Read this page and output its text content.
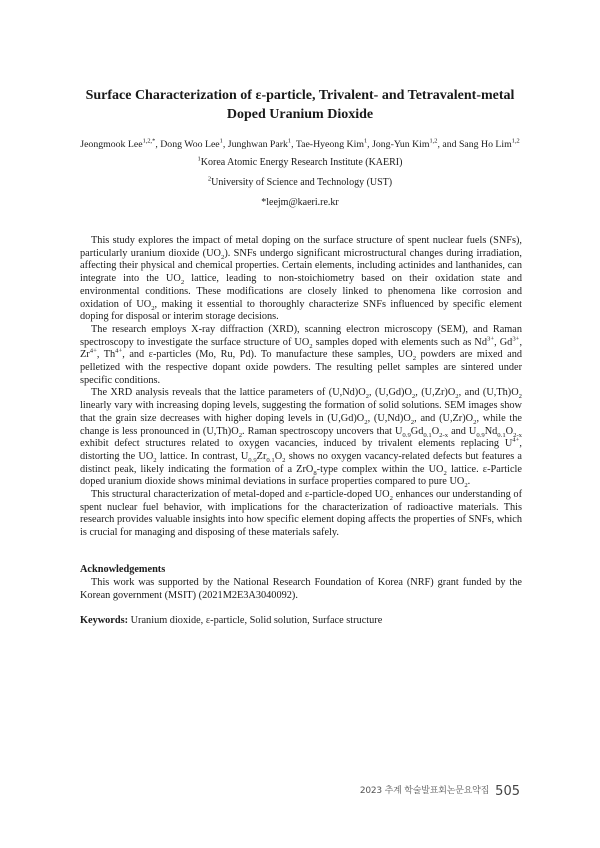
Surface Characterization of ε-particle, Trivalent- and Tetravalent-metal
Doped Uranium Dioxide
Jeongmook Lee$^{1,2,*}$, Dong Woo Lee$^1$, Junghwan Park$^1$, Tae-Hyeong Kim$^1$, Jong-Yun Kim$^{1,2}$, and Sang Ho Lim$^{1,2}$
$^1$Korea Atomic Energy Research Institute (KAERI)
$^2$University of Science and Technology (UST)
*leejm@kaeri.re.kr

This study explores the impact of metal doping on the surface structure of spent nuclear fuels (SNFs), particularly uranium dioxide $(UO_2)$. SNFs undergo significant microstructural changes during irradiation, affecting their physical and chemical properties. Certain elements, including actinides and lanthanides, can integrate into the $UO_2$ lattice, leading to non-stoichiometry based on their oxidation state and environmental conditions. These modifications are closely linked to phenomena like corrosion and oxidation of $UO_2$, making it essential to thoroughly characterize SNFs influenced by specific element doping for disposal or interim storage decisions.

The research employs X-ray diffraction (XRD), scanning electron microscopy (SEM), and Raman spectroscopy to investigate the surface structure of $UO_2$ samples doped with elements such as $Nd^{3+}$, $Gd^{3+}$, $Zr^{4+}$, $Th^{4+}$, and ε-particles (Mo, Ru, Pd). To manufacture these samples, $UO_2$ powders are mixed and pelletized with the respective dopant oxide powders. The resulting pellet samples are sintered under specific conditions.

The XRD analysis reveals that the lattice parameters of $(U,Nd)O_2$, $(U,Gd)O_2$, $(U,Zr)O_2$, and $(U,Th)O_2$ linearly vary with increasing doping levels, suggesting the formation of solid solutions. SEM images show that the grain size decreases with higher doping levels in $(U,Gd)O_2$, $(U,Nd)O_2$, and $(U,Zr)O_2$, while the change is less pronounced in $(U,Th)O_2$. Raman spectroscopy uncovers that $U_{0.9}Gd_{0.1}O_{2-x}$ and $U_{0.9}Nd_{0.1}O_{2-x}$ exhibit defect structures related to oxygen vacancies, induced by trivalent elements replacing $U^{4+}$, distorting the $UO_2$ lattice. In contrast, $U_{0.9}Zr_{0.1}O_2$ shows no oxygen vacancy-related defects but features a distinct peak, likely indicating the formation of a ZrO$_8$-type complex within the $UO_2$ lattice. ε-Particle doped uranium dioxide shows minimal deviations in surface properties compared to pure $UO_2$.

This structural characterization of metal-doped and ε-particle-doped $UO_2$ enhances our understanding of spent nuclear fuel behavior, with implications for the characterization of radioactive materials. This research provides valuable insights into how specific element doping affects the properties of SNFs, which is crucial for managing and disposing of these materials safely.

Acknowledgements

This work was supported by the National Research Foundation of Korea (NRF) grant funded by the Korean government (MSIT) (2021M2E3A3040092).

Keywords: Uranium dioxide, ε-particle, Solid solution, Surface structure
2023 추계 학술발표회논문요약집 505
